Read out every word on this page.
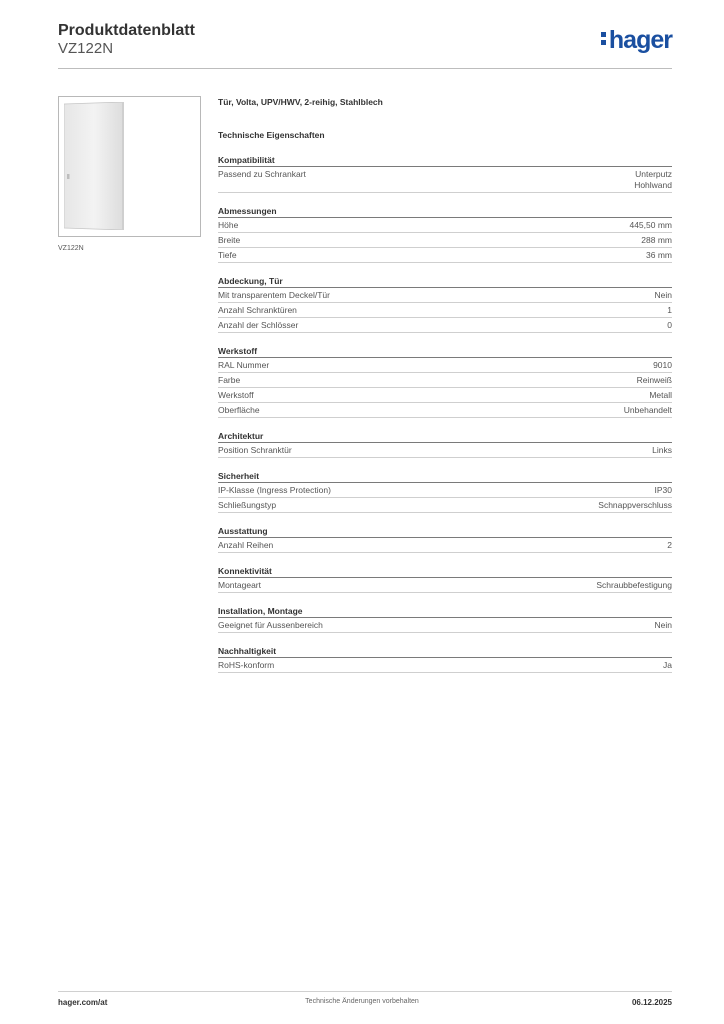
Produktdatenblatt
VZ122N	hager
VZ122N
Tür, Volta, UPV/HWV, 2-reihig, Stahlblech
Technische Eigenschaften
Kompatibilität
Passend zu Schrankart	Unterputz
Hohlwand
Abmessungen
Höhe	445,50 mm
Breite	288 mm
Tiefe	36 mm
Abdeckung, Tür
Mit transparentem Deckel/Tür	Nein
Anzahl Schranktüren	1
Anzahl der Schlösser	0
Werkstoff
RAL Nummer	9010
Farbe	Reinweiß
Werkstoff	Metall
Oberfläche	Unbehandelt
Architektur
Position Schranktür	Links
Sicherheit
IP-Klasse (Ingress Protection)	IP30
Schließungstyp	Schnappverschluss
Ausstattung
Anzahl Reihen	2
Konnektivität
Montageart	Schraubbefestigung
Installation, Montage
Geeignet für Aussenbereich	Nein
Nachhaltigkeit
RoHS-konform	Ja
hager.com/at	Technische Änderungen vorbehalten	06.12.2025
